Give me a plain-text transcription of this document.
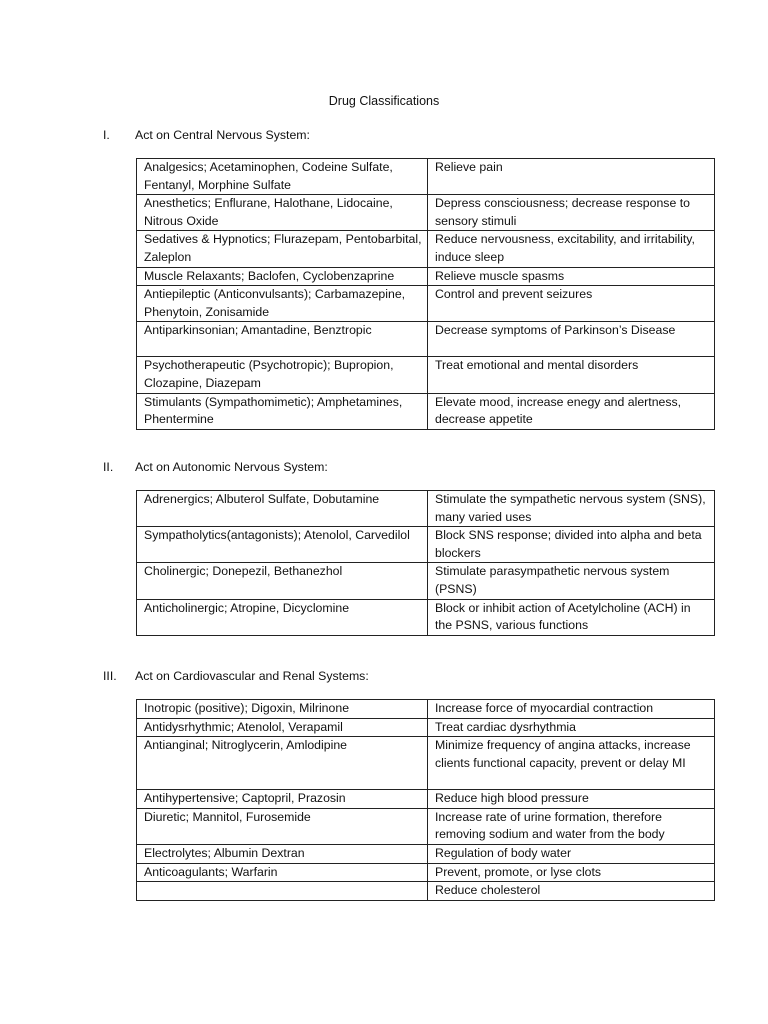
Drug Classifications
I. Act on Central Nervous System:
Analgesics; Acetaminophen, Codeine Sulfate, Fentanyl, Morphine Sulfate	Relieve pain
Anesthetics; Enflurane, Halothane, Lidocaine, Nitrous Oxide	Depress consciousness; decrease response to sensory stimuli
Sedatives & Hypnotics; Flurazepam, Pentobarbital, Zaleplon	Reduce nervousness, excitability, and irritability, induce sleep
Muscle Relaxants; Baclofen, Cyclobenzaprine	Relieve muscle spasms
Antiepileptic (Anticonvulsants); Carbamazepine, Phenytoin, Zonisamide	Control and prevent seizures
Antiparkinsonian; Amantadine, Benztropic	Decrease symptoms of Parkinson’s Disease
Psychotherapeutic (Psychotropic); Bupropion, Clozapine, Diazepam	Treat emotional and mental disorders
Stimulants (Sympathomimetic); Amphetamines, Phentermine	Elevate mood, increase enegy and alertness, decrease appetite
II. Act on Autonomic Nervous System:
Adrenergics; Albuterol Sulfate, Dobutamine	Stimulate the sympathetic nervous system (SNS), many varied uses
Sympatholytics(antagonists); Atenolol, Carvedilol	Block SNS response; divided into alpha and beta blockers
Cholinergic; Donepezil, Bethanezhol	Stimulate parasympathetic nervous system (PSNS)
Anticholinergic; Atropine, Dicyclomine	Block or inhibit action of Acetylcholine (ACH) in the PSNS, various functions
III. Act on Cardiovascular and Renal Systems:
Inotropic (positive); Digoxin, Milrinone	Increase force of myocardial contraction
Antidysrhythmic; Atenolol, Verapamil	Treat cardiac dysrhythmia
Antianginal; Nitroglycerin, Amlodipine	Minimize frequency of angina attacks, increase clients functional capacity, prevent or delay MI
Antihypertensive; Captopril, Prazosin	Reduce high blood pressure
Diuretic; Mannitol, Furosemide	Increase rate of urine formation, therefore removing sodium and water from the body
Electrolytes; Albumin Dextran	Regulation of body water
Anticoagulants; Warfarin	Prevent, promote, or lyse clots
	Reduce cholesterol
